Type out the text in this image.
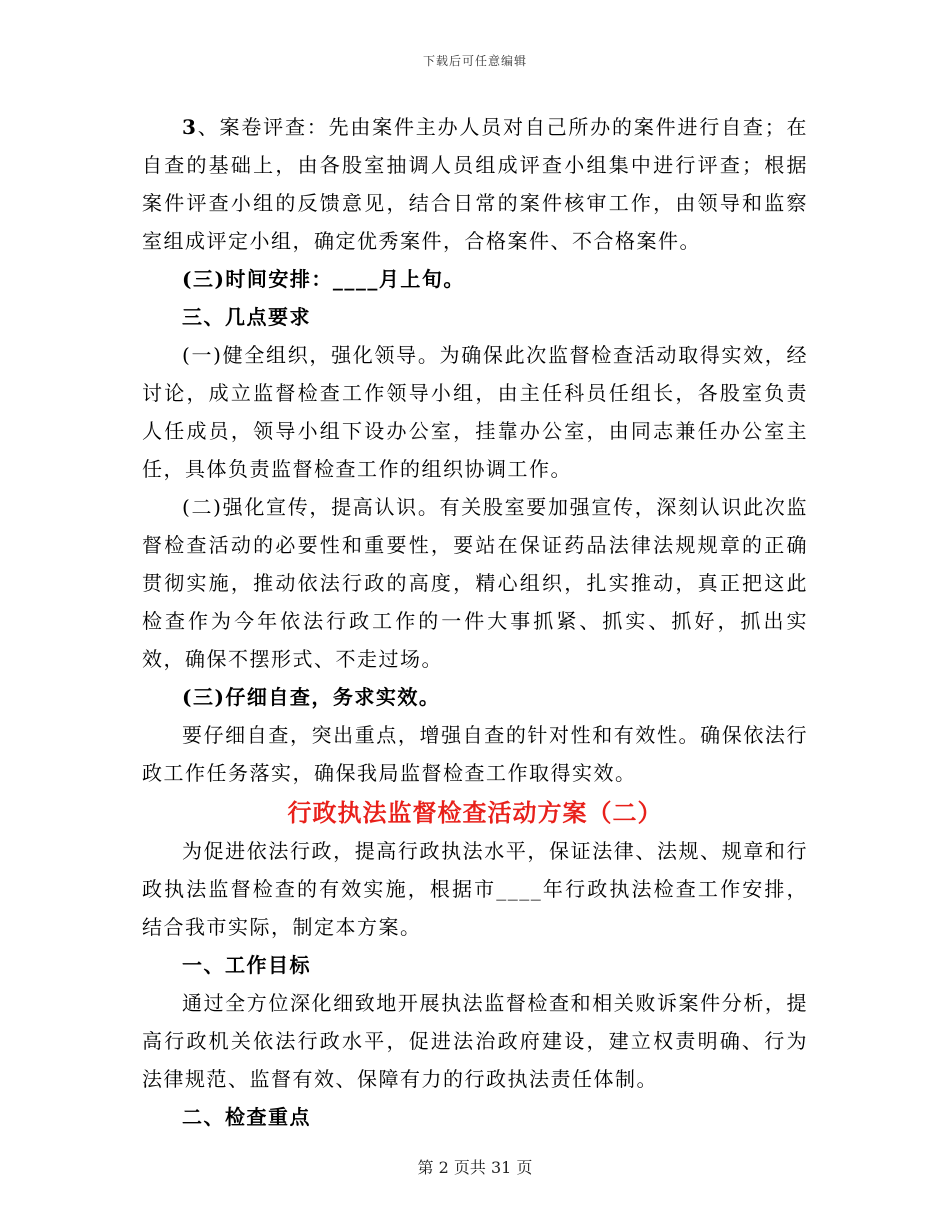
下载后可任意编辑

3、案卷评查：先由案件主办人员对自己所办的案件进行自查；在自查的基础上，由各股室抽调人员组成评查小组集中进行评查；根据案件评查小组的反馈意见，结合日常的案件核审工作，由领导和监察室组成评定小组，确定优秀案件，合格案件、不合格案件。

(三)时间安排：____月上旬。

三、几点要求

(一)健全组织，强化领导。为确保此次监督检查活动取得实效，经讨论，成立监督检查工作领导小组，由主任科员任组长，各股室负责人任成员，领导小组下设办公室，挂靠办公室，由同志兼任办公室主任，具体负责监督检查工作的组织协调工作。

(二)强化宣传，提高认识。有关股室要加强宣传，深刻认识此次监督检查活动的必要性和重要性，要站在保证药品法律法规规章的正确贯彻实施，推动依法行政的高度，精心组织，扎实推动，真正把这此检查作为今年依法行政工作的一件大事抓紧、抓实、抓好，抓出实效，确保不摆形式、不走过场。

(三)仔细自查，务求实效。

要仔细自查，突出重点，增强自查的针对性和有效性。确保依法行政工作任务落实，确保我局监督检查工作取得实效。

行政执法监督检查活动方案（二）

为促进依法行政，提高行政执法水平，保证法律、法规、规章和行政执法监督检查的有效实施，根据市____年行政执法检查工作安排，结合我市实际，制定本方案。

一、工作目标

通过全方位深化细致地开展执法监督检查和相关败诉案件分析，提高行政机关依法行政水平，促进法治政府建设，建立权责明确、行为法律规范、监督有效、保障有力的行政执法责任体制。

二、检查重点

第 2 页共 31 页
